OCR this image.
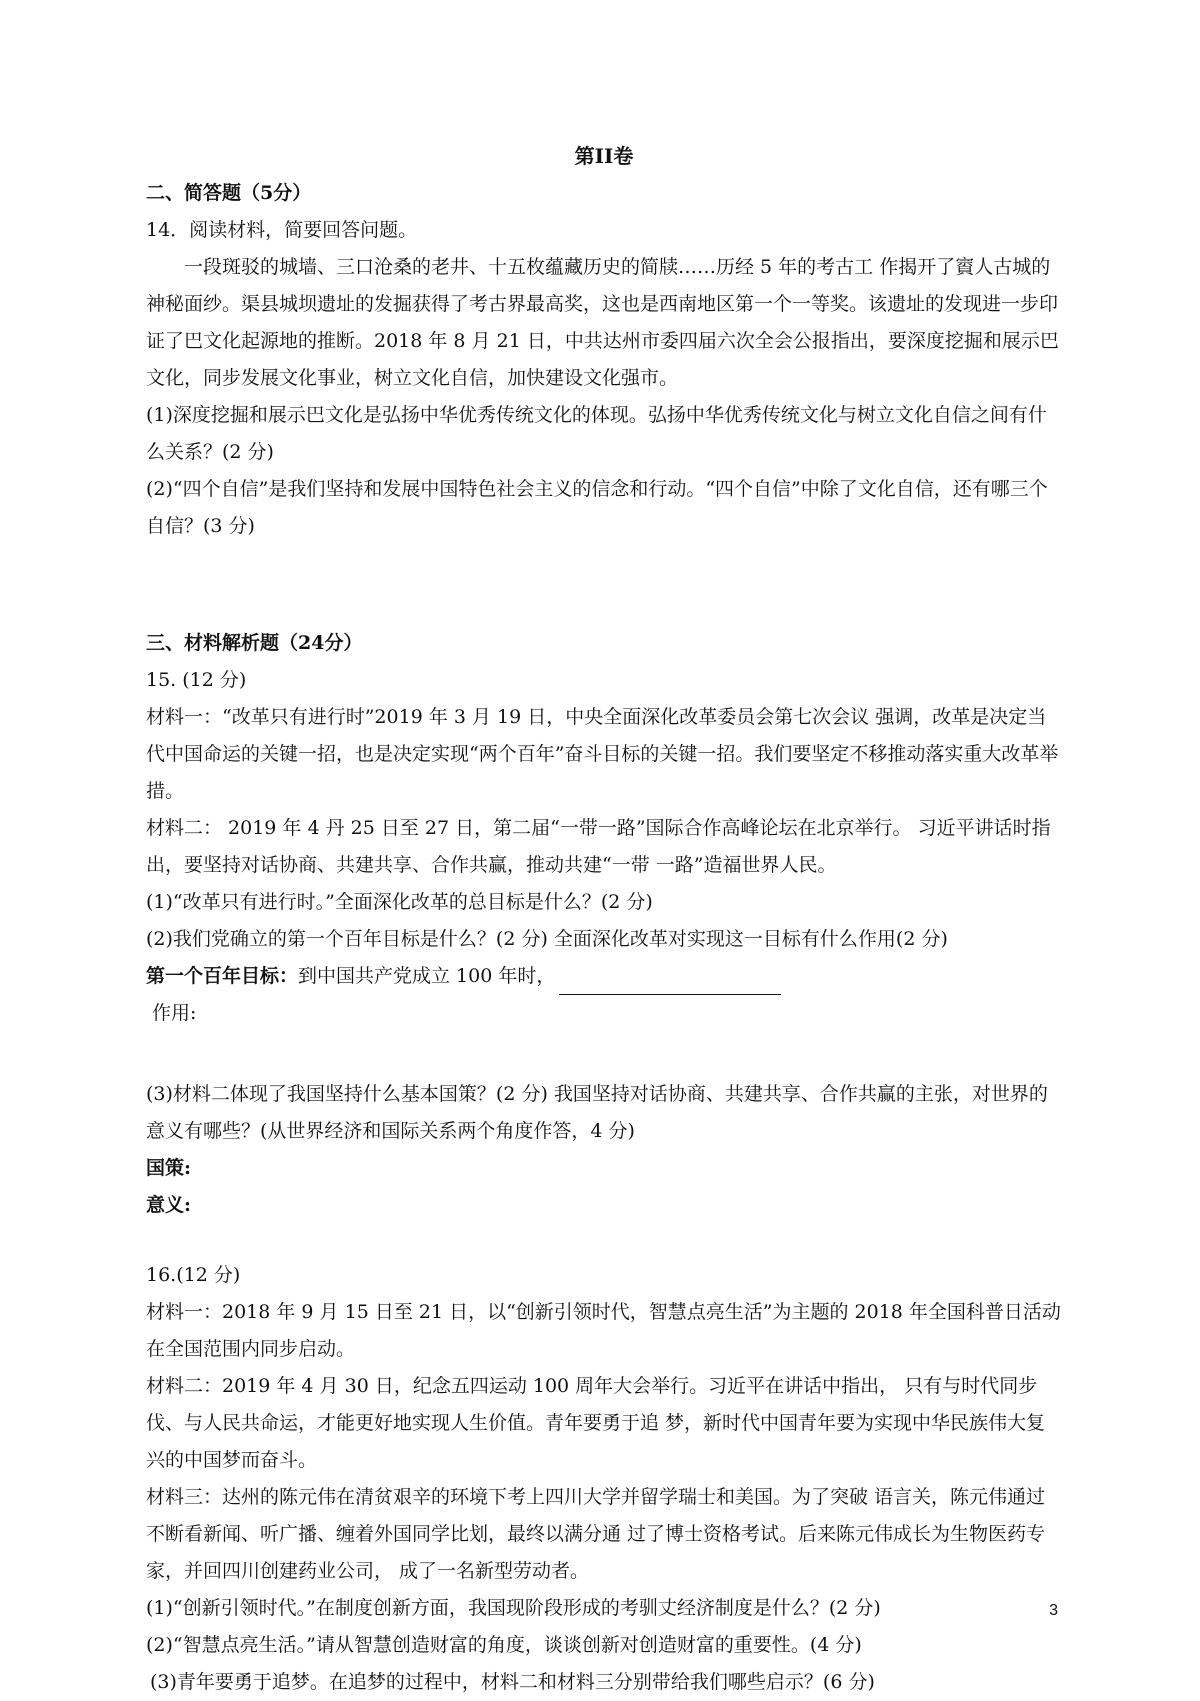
第II卷
二、简答题（5分）

14．阅读材料，简要回答问题。

一段斑驳的城墙、三口沧桑的老井、十五枚蕴藏历史的简牍……历经 5 年的考古工 作揭开了賨人古城的神秘面纱。渠县城坝遗址的发掘获得了考古界最高奖，这也是西南地区第一个一等奖。该遗址的发现进一步印证了巴文化起源地的推断。2018 年 8 月 21 日，中共达州市委四届六次全会公报指出，要深度挖掘和展示巴文化，同步发展文化事业，树立文化自信，加快建设文化强市。

(1)深度挖掘和展示巴文化是弘扬中华优秀传统文化的体现。弘扬中华优秀传统文化与树立文化自信之间有什么关系？(2 分)

(2)“四个自信”是我们坚持和发展中国特色社会主义的信念和行动。“四个自信”中除了文化自信，还有哪三个自信？(3 分)

三、材料解析题（24分）

15. (12 分)

材料一：“改革只有进行时”2019 年 3 月 19 日，中央全面深化改革委员会第七次会议 强调，改革是决定当代中国命运的关键一招，也是决定实现“两个百年”奋斗目标的关键一招。我们要坚定不移推动落实重大改革举措。

材料二： 2019 年 4 丹 25 日至 27 日，第二届“一带一路”国际合作高峰论坛在北京举行。 习近平讲话时指出，要坚持对话协商、共建共享、合作共赢，推动共建“一带 一路”造福世界人民。

(1)“改革只有进行时。”全面深化改革的总目标是什么？(2 分)

(2)我们党确立的第一个百年目标是什么？(2 分) 全面深化改革对实现这一目标有什么作用(2 分)

第一个百年目标：到中国共产党成立 100 年时，

作用:

(3)材料二体现了我国坚持什么基本国策？(2 分) 我国坚持对话协商、共建共享、合作共赢的主张，对世界的意义有哪些？(从世界经济和国际关系两个角度作答，4 分)

国策:

意义:

16.(12 分)

材料一：2018 年 9 月 15 日至 21 日，以“创新引领时代，智慧点亮生活”为主题的 2018 年全国科普日活动在全国范围内同步启动。

材料二：2019 年 4 月 30 日，纪念五四运动 100 周年大会举行。习近平在讲话中指出， 只有与时代同步伐、与人民共命运，才能更好地实现人生价值。青年要勇于追 梦，新时代中国青年要为实现中华民族伟大复兴的中国梦而奋斗。

材料三：达州的陈元伟在清贫艰辛的环境下考上四川大学并留学瑞士和美国。为了突破 语言关，陈元伟通过不断看新闻、听广播、缠着外国同学比划，最终以满分通 过了博士资格考试。后来陈元伟成长为生物医药专家，并回四川创建药业公司， 成了一名新型劳动者。

(1)“创新引领时代。”在制度创新方面，我国现阶段形成的考驯丈经济制度是什么？(2 分)

(2)“智慧点亮生活。”请从智慧创造财富的角度，谈谈创新对创造财富的重要性。(4 分)

(3)青年要勇于追梦。在追梦的过程中，材料二和材料三分别带给我们哪些启示？(6 分)

3
